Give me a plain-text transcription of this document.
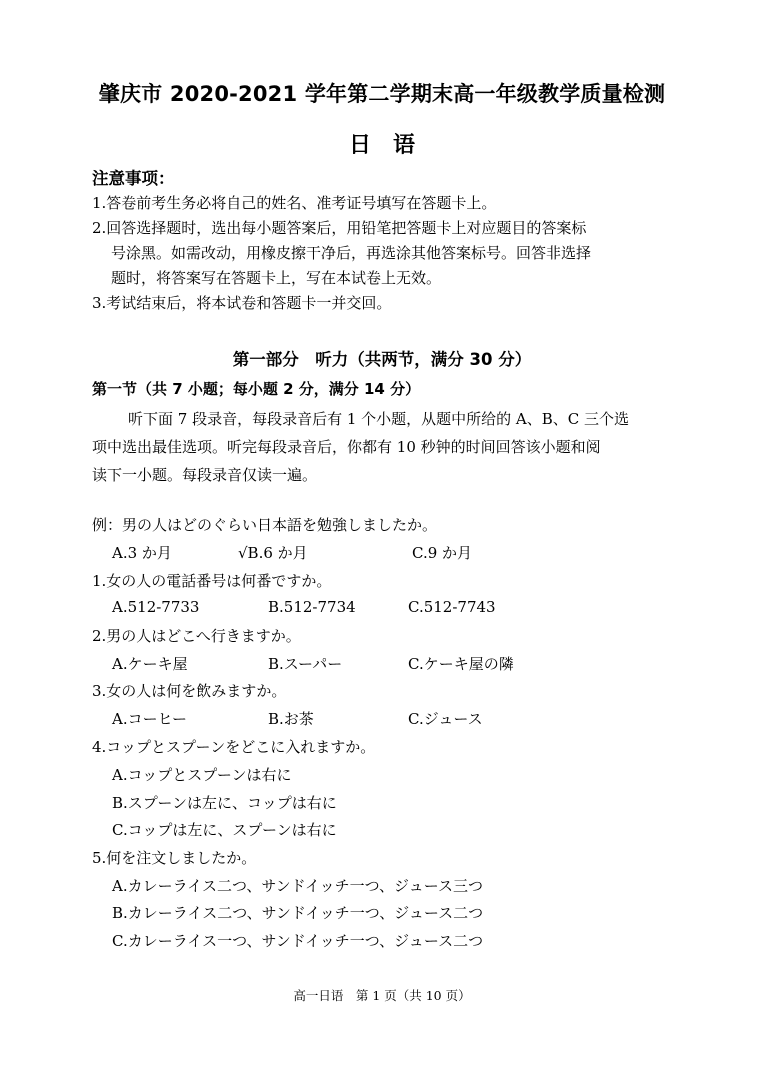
肇庆市 2020-2021 学年第二学期末高一年级教学质量检测
日语
注意事项：
1.答卷前考生务必将自己的姓名、准考证号填写在答题卡上。
2.回答选择题时，选出每小题答案后，用铅笔把答题卡上对应题目的答案标
号涂黑。如需改动，用橡皮擦干净后，再选涂其他答案标号。回答非选择
题时，将答案写在答题卡上，写在本试卷上无效。
3.考试结束后，将本试卷和答题卡一并交回。
第一部分　听力（共两节，满分 30 分）
第一节（共 7 小题；每小题 2 分，满分 14 分）
听下面 7 段录音，每段录音后有 1 个小题，从题中所给的 A、B、C 三个选
项中选出最佳选项。听完每段录音后，你都有 10 秒钟的时间回答该小题和阅
读下一小题。每段录音仅读一遍。
例：男の人はどのぐらい日本語を勉強しましたか。
A.3 か月	√B.6 か月	C.9 か月
1.女の人の電話番号は何番ですか。
A.512-7733	B.512-7734	C.512-7743
2.男の人はどこへ行きますか。
A.ケーキ屋	B.スーパー	C.ケーキ屋の隣
3.女の人は何を飲みますか。
A.コーヒー	B.お茶	C.ジュース
4.コップとスプーンをどこに入れますか。
A.コップとスプーンは右に
B.スプーンは左に、コップは右に
C.コップは左に、スプーンは右に
5.何を注文しましたか。
A.カレーライス二つ、サンドイッチ一つ、ジュース三つ
B.カレーライス二つ、サンドイッチ一つ、ジュース二つ
C.カレーライス一つ、サンドイッチ一つ、ジュース二つ
高一日语　第 1 页（共 10 页）
